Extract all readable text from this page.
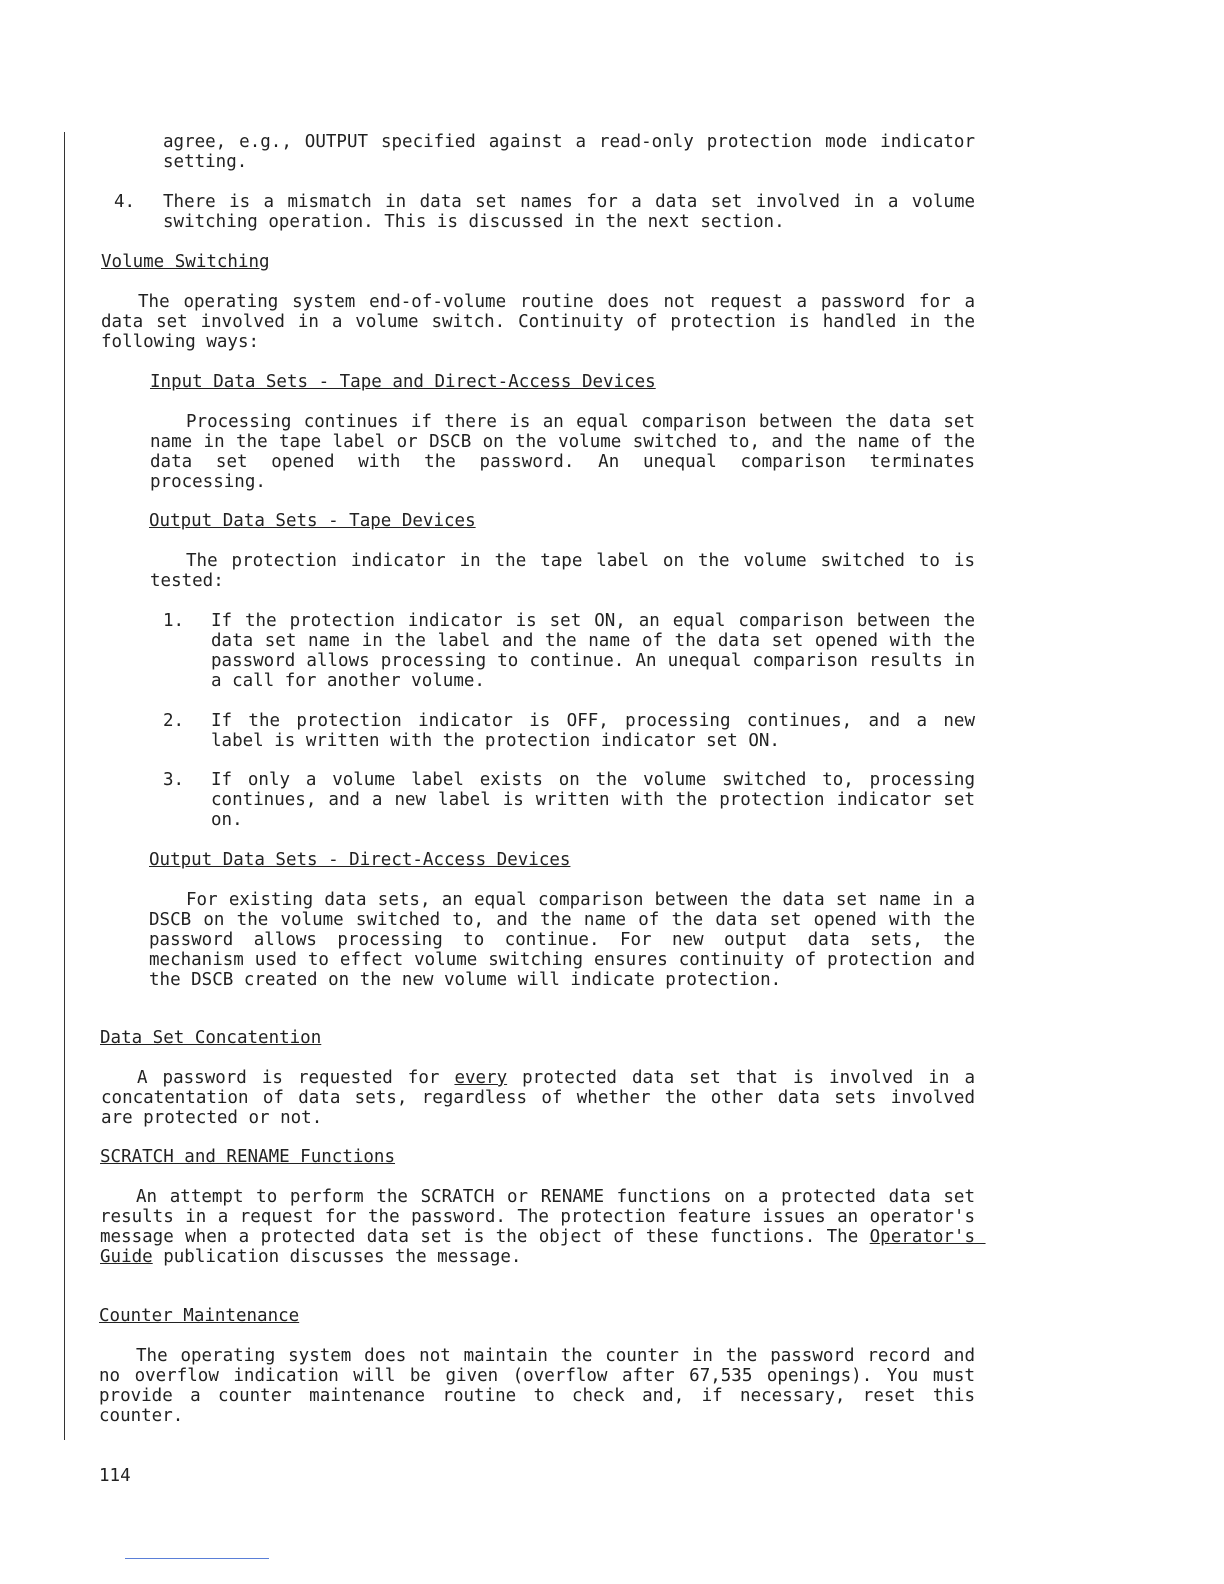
agree, e.g., OUTPUT specified against a read-only protection mode indicator setting.

4. There is a mismatch in data set names for a data set involved in a volume switching operation. This is discussed in the next section.

Volume Switching

The operating system end-of-volume routine does not request a password for a data set involved in a volume switch. Continuity of protection is handled in the following ways:

Input Data Sets - Tape and Direct-Access Devices

Processing continues if there is an equal comparison between the data set name in the tape label or DSCB on the volume switched to, and the name of the data set opened with the password. An unequal comparison terminates processing.

Output Data Sets - Tape Devices

The protection indicator in the tape label on the volume switched to is tested:

1. If the protection indicator is set ON, an equal comparison between the data set name in the label and the name of the data set opened with the password allows processing to continue. An unequal comparison results in a call for another volume.

2. If the protection indicator is OFF, processing continues, and a new label is written with the protection indicator set ON.

3. If only a volume label exists on the volume switched to, processing continues, and a new label is written with the protection indicator set on.

Output Data Sets - Direct-Access Devices

For existing data sets, an equal comparison between the data set name in a DSCB on the volume switched to, and the name of the data set opened with the password allows processing to continue. For new output data sets, the mechanism used to effect volume switching ensures continuity of protection and the DSCB created on the new volume will indicate protection.

Data Set Concatention

A password is requested for every protected data set that is involved in a concatentation of data sets, regardless of whether the other data sets involved are protected or not.

SCRATCH and RENAME Functions

An attempt to perform the SCRATCH or RENAME functions on a protected data set results in a request for the password. The protection feature issues an operator's message when a protected data set is the object of these functions. The Operator's Guide publication discusses the message.

Counter Maintenance

The operating system does not maintain the counter in the password record and no overflow indication will be given (overflow after 67,535 openings). You must provide a counter maintenance routine to check and, if necessary, reset this counter.

114
